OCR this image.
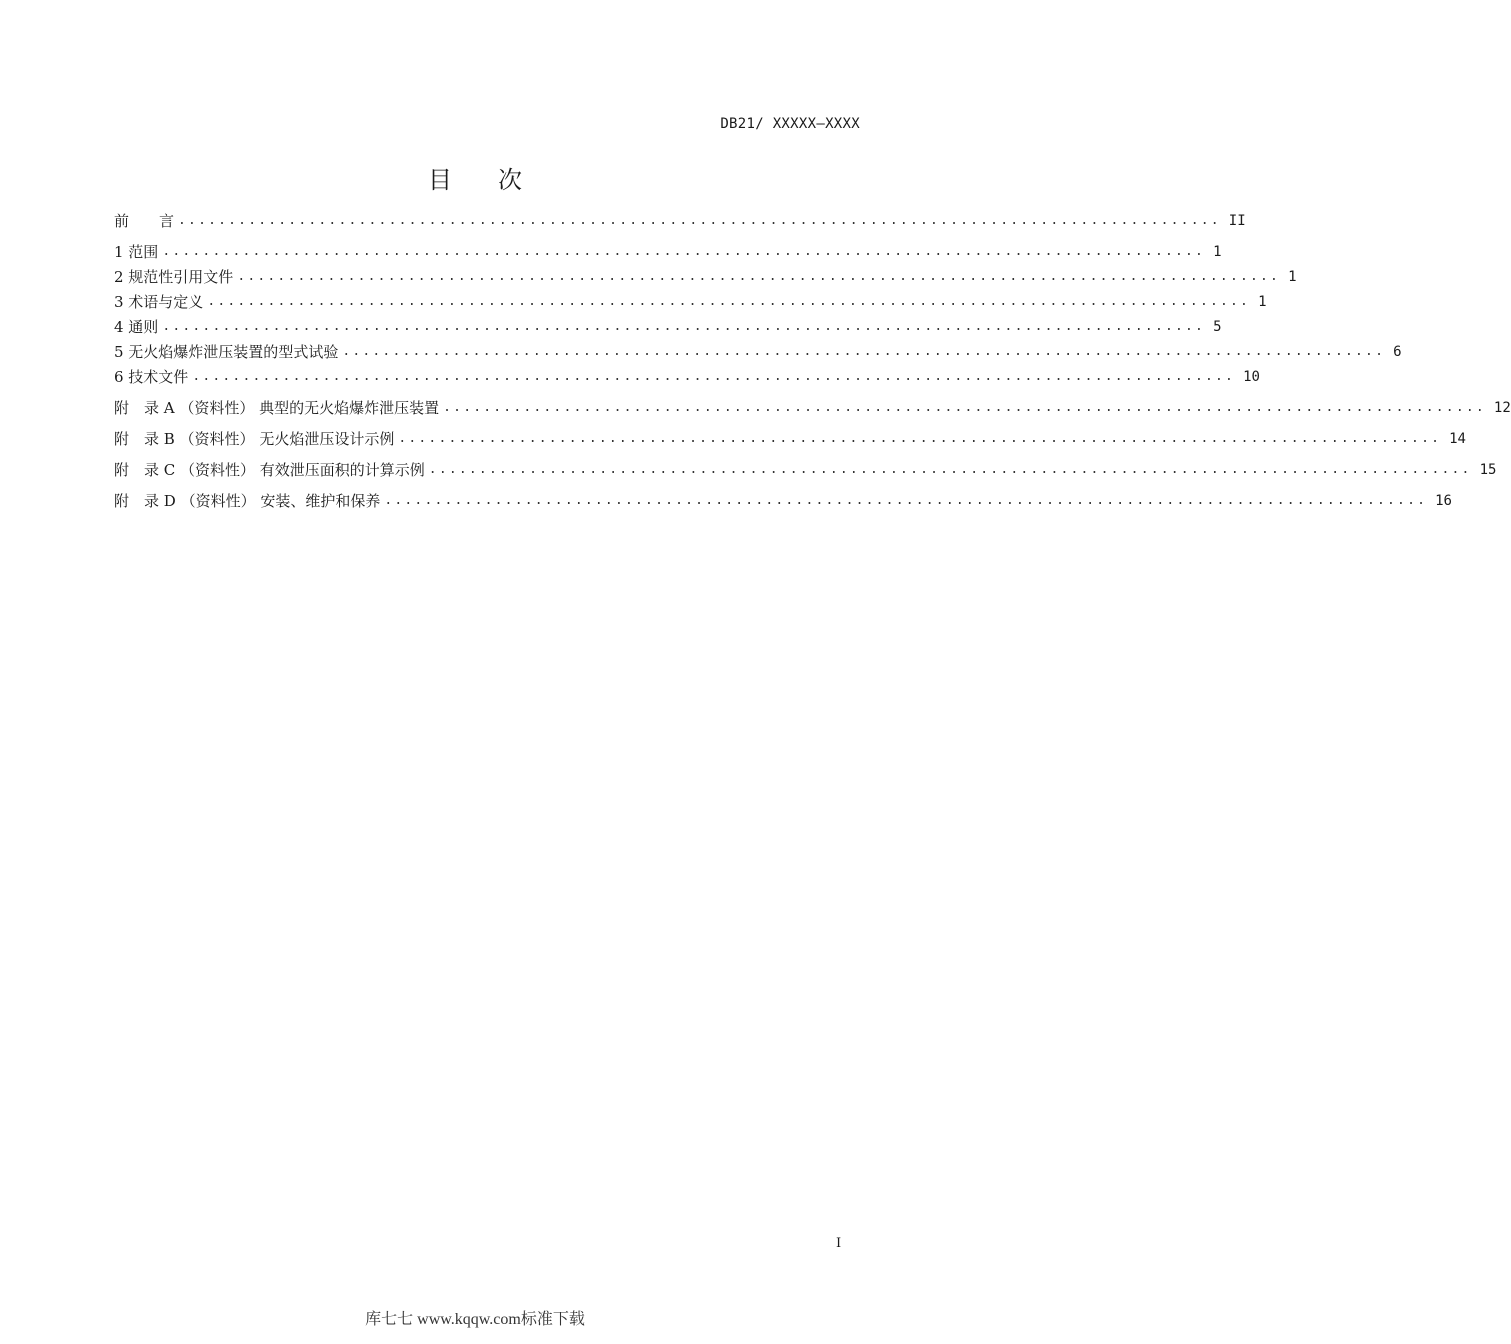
DB21/ XXXXX—XXXX
目次
前　　言 ........................................................................................................ II
1 范围 ........................................................................................................ 1
2 规范性引用文件 ........................................................................................................ 1
3 术语与定义 ........................................................................................................ 1
4 通则 ........................................................................................................ 5
5 无火焰爆炸泄压装置的型式试验 ........................................................................................................ 6
6 技术文件 ........................................................................................................ 10
附　录 A （资料性） 典型的无火焰爆炸泄压装置 ........................................................................................................ 12
附　录 B （资料性） 无火焰泄压设计示例 ........................................................................................................ 14
附　录 C （资料性） 有效泄压面积的计算示例 ........................................................................................................ 15
附　录 D （资料性） 安装、维护和保养 ........................................................................................................ 16
I
库七七 www.kqqw.com标准下载
